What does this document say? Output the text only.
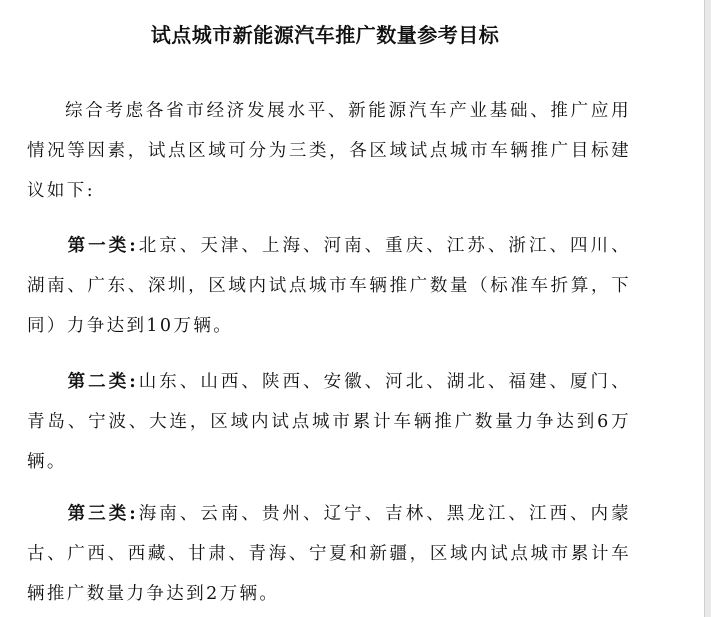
试点城市新能源汽车推广数量参考目标

综合考虑各省市经济发展水平、新能源汽车产业基础、推广应用情况等因素，试点区域可分为三类，各区域试点城市车辆推广目标建议如下:

第一类:北京、天津、上海、河南、重庆、江苏、浙江、四川、湖南、广东、深圳，区域内试点城市车辆推广数量（标准车折算，下同）力争达到10万辆。

第二类:山东、山西、陕西、安徽、河北、湖北、福建、厦门、青岛、宁波、大连，区域内试点城市累计车辆推广数量力争达到6万辆。

第三类:海南、云南、贵州、辽宁、吉林、黑龙江、江西、内蒙古、广西、西藏、甘肃、青海、宁夏和新疆，区域内试点城市累计车辆推广数量力争达到2万辆。
